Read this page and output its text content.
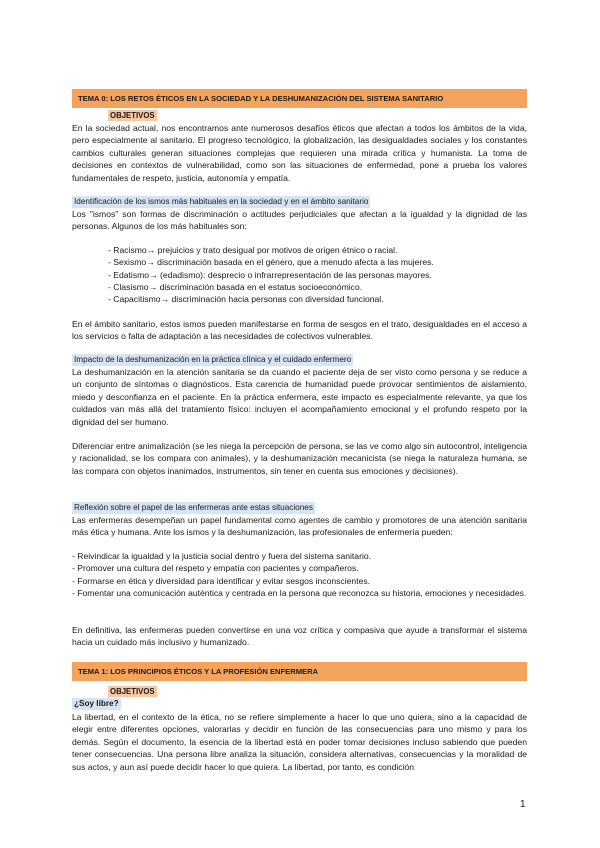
TEMA 0: LOS RETOS ÉTICOS EN LA SOCIEDAD Y LA DESHUMANIZACIÓN DEL SISTEMA SANITARIO
OBJETIVOS

En la sociedad actual, nos encontramos ante numerosos desafíos éticos que afectan a todos los ámbitos de la vida, pero especialmente al sanitario. El progreso tecnológico, la globalización, las desigualdades sociales y los constantes cambios culturales generan situaciones complejas que requieren una mirada crítica y humanista. La toma de decisiones en contextos de vulnerabilidad, como son las situaciones de enfermedad, pone a prueba los valores fundamentales de respeto, justicia, autonomía y empatía.

Identificación de los ismos más habituales en la sociedad y en el ámbito sanitario

Los "ismos" son formas de discriminación o actitudes perjudiciales que afectan a la igualdad y la dignidad de las personas. Algunos de los más habituales son:

- Racismo→ prejuicios y trato desigual por motivos de origen étnico o racial.
- Sexismo→ discriminación basada en el género, que a menudo afecta a las mujeres.
- Edatismo→ (edadismo): desprecio o infrarrepresentación de las personas mayores.
- Clasismo→ discriminación basada en el estatus socioeconómico.
- Capacitismo→ discriminación hacia personas con diversidad funcional.

En el ámbito sanitario, estos ismos pueden manifestarse en forma de sesgos en el trato, desigualdades en el acceso a los servicios o falta de adaptación a las necesidades de colectivos vulnerables.

Impacto de la deshumanización en la práctica clínica y el cuidado enfermero

La deshumanización en la atención sanitaria se da cuando el paciente deja de ser visto como persona y se reduce a un conjunto de síntomas o diagnósticos. Esta carencia de humanidad puede provocar sentimientos de aislamiento, miedo y desconfianza en el paciente. En la práctica enfermera, este impacto es especialmente relevante, ya que los cuidados van más allá del tratamiento físico: incluyen el acompañamiento emocional y el profundo respeto por la dignidad del ser humano.

Diferenciar entre animalización (se les niega la percepción de persona, se las ve como algo sin autocontrol, inteligencia y racionalidad, se los compara con animales), y la deshumanización mecanicista (se niega la naturaleza humana, se las compara con objetos inanimados, instrumentos, sin tener en cuenta sus emociones y decisiones).

Reflexión sobre el papel de las enfermeras ante estas situaciones

Las enfermeras desempeñan un papel fundamental como agentes de cambio y promotores de una atención sanitaria más ética y humana. Ante los ismos y la deshumanización, las profesionales de enfermería pueden:

- Reivindicar la igualdad y la justicia social dentro y fuera del sistema sanitario.
- Promover una cultura del respeto y empatía con pacientes y compañeros.
- Formarse en ética y diversidad para identificar y evitar sesgos inconscientes.
- Fomentar una comunicación auténtica y centrada en la persona que reconozca su historia, emociones y necesidades.

En definitiva, las enfermeras pueden convertirse en una voz crítica y compasiva que ayude a transformar el sistema hacia un cuidado más inclusivo y humanizado.

TEMA 1: LOS PRINCIPIOS ÉTICOS Y LA PROFESIÓN ENFERMERA
OBJETIVOS
¿Soy libre?

La libertad, en el contexto de la ética, no se refiere simplemente a hacer lo que uno quiera, sino a la capacidad de elegir entre diferentes opciones, valorarlas y decidir en función de las consecuencias para uno mismo y para los demás. Según el documento, la esencia de la libertad está en poder tomar decisiones incluso sabiendo que pueden tener consecuencias. Una persona libre analiza la situación, considera alternativas, consecuencias y la moralidad de sus actos, y aun así puede decidir hacer lo que quiera. La libertad, por tanto, es condición

1
